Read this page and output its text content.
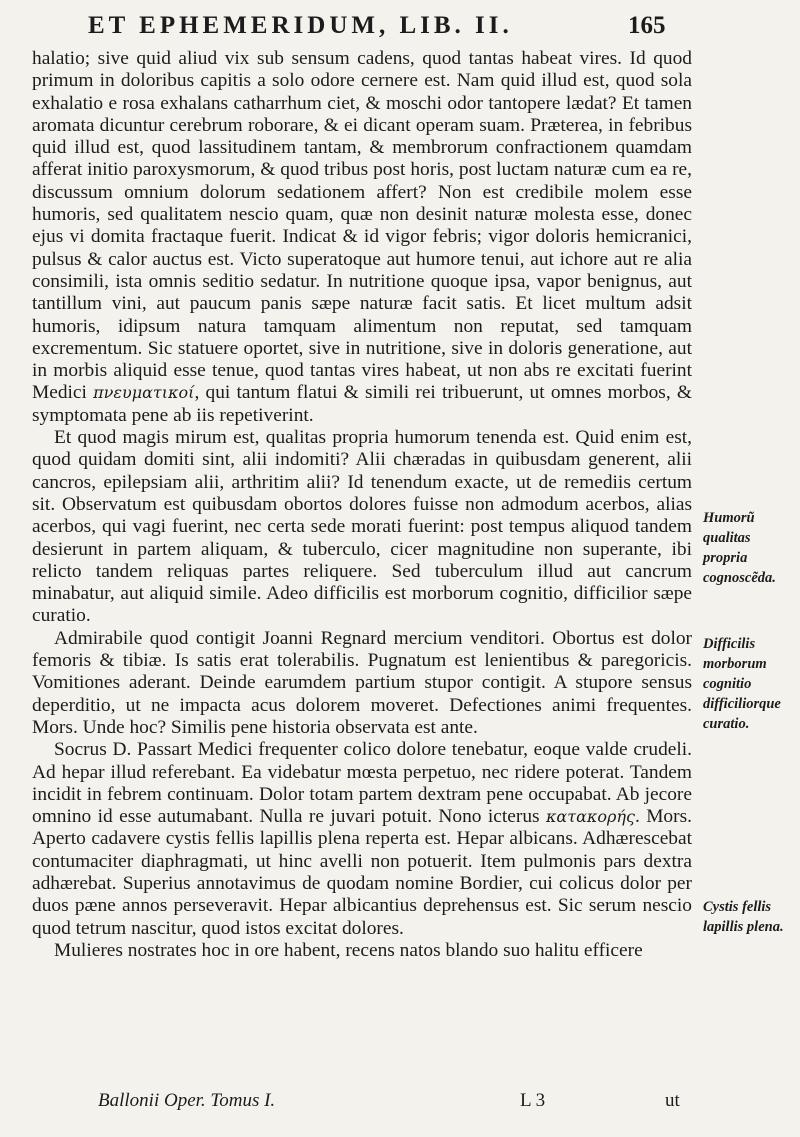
ET EPHEMERIDUM, LIB. II.	165

halatio; sive quid aliud vix sub sensum cadens, quod tantas habeat vires. Id quod primum in doloribus capitis a solo odore cernere est. Nam quid illud est, quod sola exhalatio e rosa exhalans catharrhum ciet, & moschi odor tantopere lædat? Et tamen aromata dicuntur cerebrum roborare, & ei dicant operam suam. Præterea, in febribus quid illud est, quod lassitudinem tantam, & membrorum confractionem quamdam afferat initio paroxysmorum, & quod tribus post horis, post luctam naturæ cum ea re, discussum omnium dolorum sedationem affert? Non est credibile molem esse humoris, sed qualitatem nescio quam, quæ non desinit naturæ molesta esse, donec ejus vi domita fractaque fuerit. Indicat & id vigor febris; vigor doloris hemicranici, pulsus & calor auctus est. Victo superatoque aut humore tenui, aut ichore aut re alia consimili, ista omnis seditio sedatur. In nutritione quoque ipsa, vapor benignus, aut tantillum vini, aut paucum panis sæpe naturæ facit satis. Et licet multum adsit humoris, idipsum natura tamquam alimentum non reputat, sed tamquam excrementum. Sic statuere oportet, sive in nutritione, sive in doloris generatione, aut in morbis aliquid esse tenue, quod tantas vires habeat, ut non abs re excitati fuerint Medici πνευματικοί, qui tantum flatui & simili rei tribuerunt, ut omnes morbos, & symptomata pene ab iis repetiverint.

Et quod magis mirum est, qualitas propria humorum tenenda est. Quid enim est, quod quidam domiti sint, alii indomiti? Alii chæradas in quibusdam generent, alii cancros, epilepsiam alii, arthritim alii? Id tenendum exacte, ut de remediis certum sit. Observatum est quibusdam obortos dolores fuisse non admodum acerbos, alias acerbos, qui vagi fuerint, nec certa sede morati fuerint: post tempus aliquod tandem desierunt in partem aliquam, & tuberculo, cicer magnitudine non superante, ibi relicto tandem reliquas partes reliquere. Sed tuberculum illud aut cancrum minabatur, aut aliquid simile. Adeo difficilis est morborum cognitio, difficilior sæpe curatio.

Admirabile quod contigit Joanni Regnard mercium venditori. Obortus est dolor femoris & tibiæ. Is satis erat tolerabilis. Pugnatum est lenientibus & paregoricis. Vomitiones aderant. Deinde earumdem partium stupor contigit. A stupore sensus deperditio, ut ne impacta acus dolorem moveret. Defectiones animi frequentes. Mors. Unde hoc? Similis pene historia observata est ante.

Socrus D. Passart Medici frequenter colico dolore tenebatur, eoque valde crudeli. Ad hepar illud referebant. Ea videbatur mœsta perpetuo, nec ridere poterat. Tandem incidit in febrem continuam. Dolor totam partem dextram pene occupabat. Ab jecore omnino id esse autumabant. Nulla re juvari potuit. Nono icterus κατακορής. Mors. Aperto cadavere cystis fellis lapillis plena reperta est. Hepar albicans. Adhærescebat contumaciter diaphragmati, ut hinc avelli non potuerit. Item pulmonis pars dextra adhærebat. Superius annotavimus de quodam nomine Bordier, cui colicus dolor per duos pæne annos perseveravit. Hepar albicantius deprehensus est. Sic serum nescio quod tetrum nascitur, quod istos excitat dolores.

Mulieres nostrates hoc in ore habent, recens natos blando suo halitu efficere

Humorũ qualitas propria cognoscẽda.
Difficilis morborum cognitio difficiliorque curatio.
Cystis fellis lapillis plena.
Ballonii Oper. Tomus I.	L 3	ut
